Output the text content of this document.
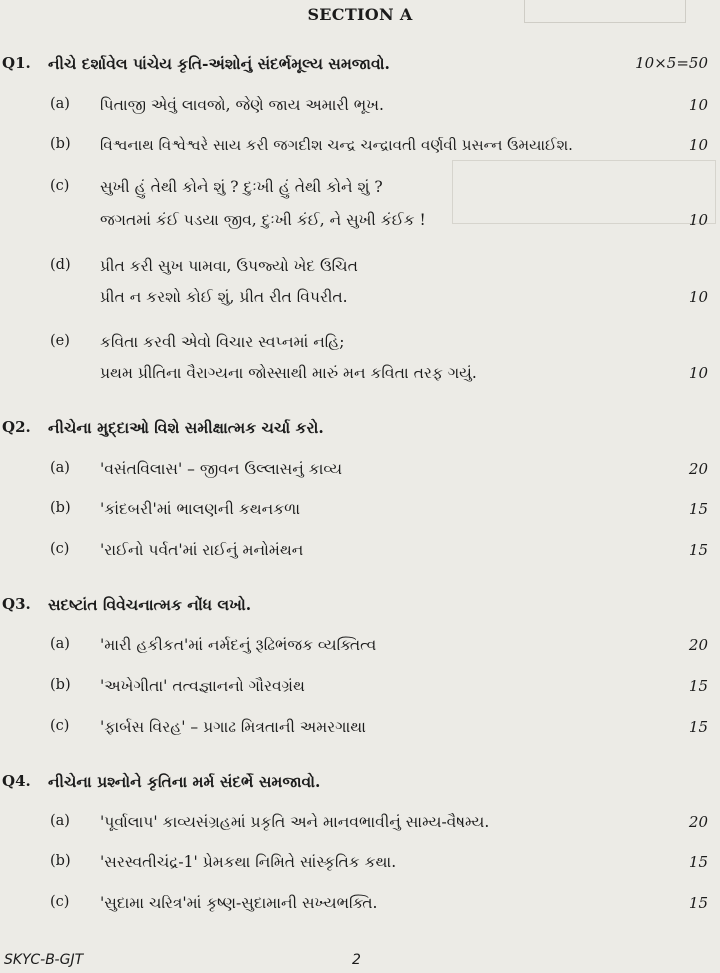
SECTION A
Q1. નીચે દર્શાવેલ પાંચેય કૃતિ-અંશોનું સંદર્ભમૂલ્ય સમજાવો.	10×5=50
(a) પિતાજી એવું લાવજો, જેણે જાય અમારી ભૂખ.	10
(b) વિશ્વનાથ વિશ્વેશ્વરે સાય કરી જગદીશ ચન્દ્ર ચન્દ્રાવતી વર્ણવી પ્રસન્ન ઉમયાઈશ.	10
(c) સુખી હું તેથી કોને શું ? દુઃખી હું તેથી કોને શું ?
જગતમાં કંઈ પડયા જીવ, દુઃખી કંઈ, ને સુખી કંઈક !	10
(d) પ્રીત કરી સુખ પામવા, ઉપજ્યો ખેદ ઉચિત
પ્રીત ન કરશો કોઈ શું, પ્રીત રીત વિપરીત.	10
(e) કવિતા કરવી એવો વિચાર સ્વપ્નમાં નહિ;
પ્રથમ પ્રીતિના વૈરાગ્યના જોસ્સાથી મારું મન કવિતા તરફ ગયું.	10
Q2. નીચેના મુદ્દાઓ વિશે સમીક્ષાત્મક ચર્ચા કરો.
(a) 'વસંતવિલાસ' – જીવન ઉલ્લાસનું કાવ્ય	20
(b) 'કાંદબરી'માં ભાલણની કથનકળા	15
(c) 'રાઈનો પર્વત'માં રાઈનું મનોમંથન	15
Q3. સદષ્ટાંત વિવેચનાત્મક નોંધ લખો.
(a) 'મારી હકીકત'માં નર્મદનું રૂઢિભંજક વ્યક્તિત્વ	20
(b) 'અખેગીતા' તત્વજ્ઞાનનો ગૌરવગ્રંથ	15
(c) 'ફાર્બસ વિરહ' – પ્રગાઢ મિત્રતાની અમરગાથા	15
Q4. નીચેના પ્રશ્નોને કૃતિના મર્મ સંદર્ભે સમજાવો.
(a) 'પૂર્વાલાપ' કાવ્યસંગ્રહમાં પ્રકૃતિ અને માનવભાવીનું સામ્ય-વૈષમ્ય.	20
(b) 'સરસ્વતીચંદ્ર-1' પ્રેમકથા નિમિતે સાંસ્કૃતિક કથા.	15
(c) 'સુદામા ચરિત્ર'માં કૃષ્ણ-સુદામાની સખ્યભક્તિ.	15
SKYC-B-GJT	2
